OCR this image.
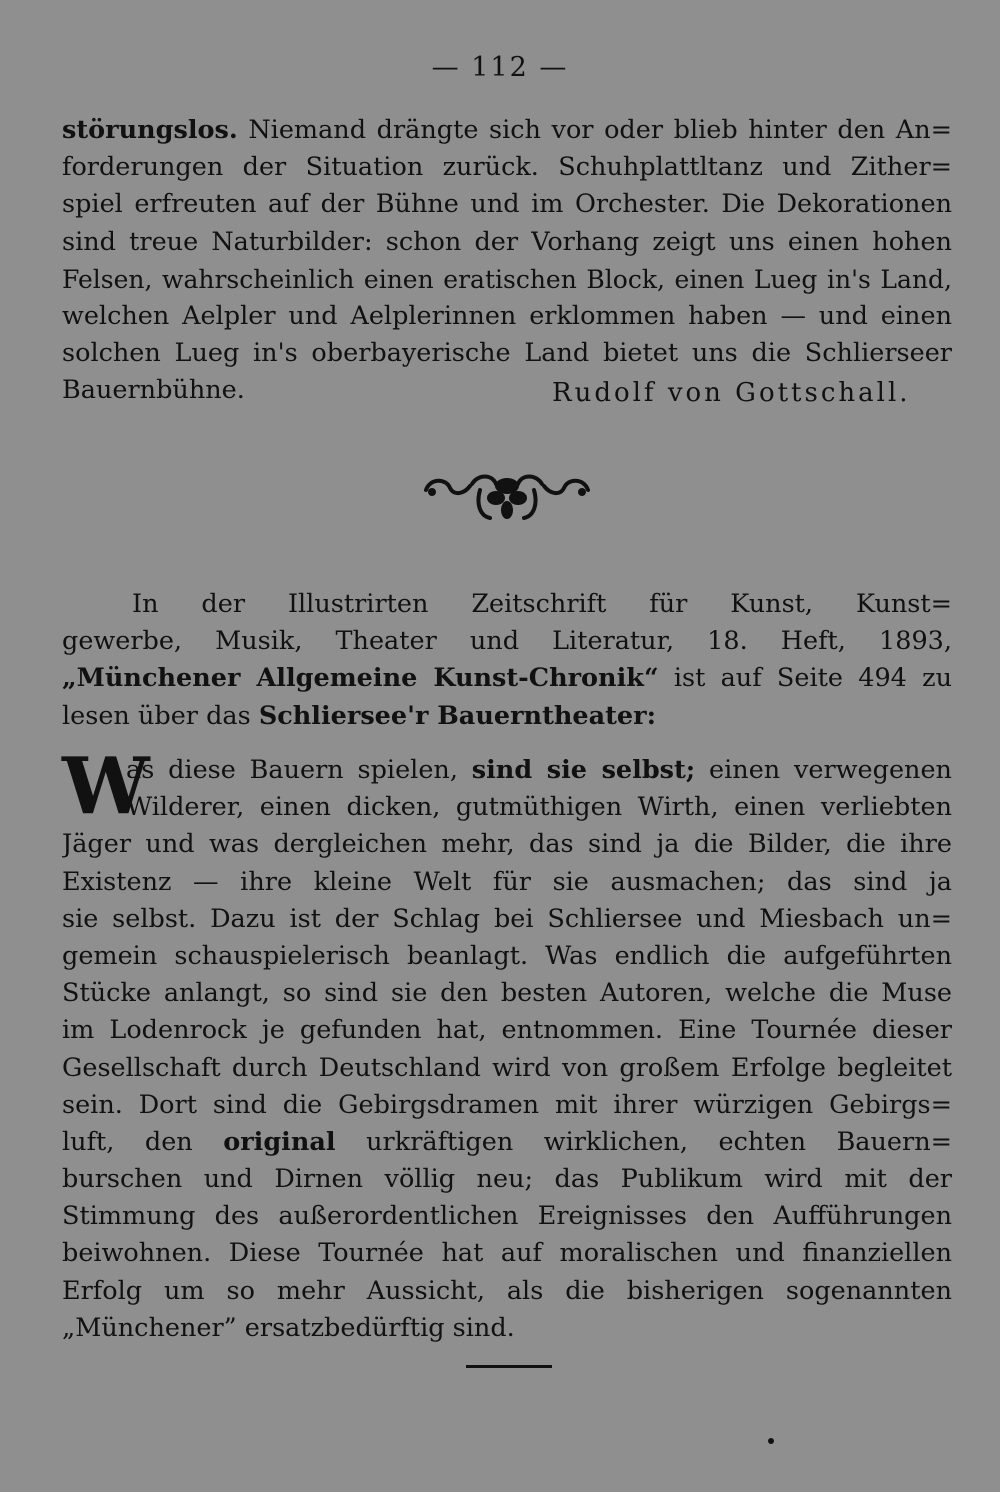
— 112 —
störungslos. Niemand drängte sich vor oder blieb hinter den An=
forderungen der Situation zurück. Schuhplattltanz und Zither=
spiel erfreuten auf der Bühne und im Orchester. Die Dekorationen
sind treue Naturbilder: schon der Vorhang zeigt uns einen hohen
Felsen, wahrscheinlich einen eratischen Block, einen Lueg in's Land,
welchen Aelpler und Aelplerinnen erklommen haben — und einen
solchen Lueg in's oberbayerische Land bietet uns die Schlierseer
Bauernbühne.	Rudolf von Gottschall.
In der Illustrirten Zeitschrift für Kunst, Kunst=
gewerbe, Musik, Theater und Literatur, 18. Heft, 1893,
„Münchener Allgemeine Kunst-Chronik“ ist auf Seite 494 zu
lesen über das Schliersee'r Bauerntheater:
W
as diese Bauern spielen, sind sie selbst; einen verwegenen
Wilderer, einen dicken, gutmüthigen Wirth, einen verliebten
Jäger und was dergleichen mehr, das sind ja die Bilder, die ihre
Existenz — ihre kleine Welt für sie ausmachen; das sind ja
sie selbst. Dazu ist der Schlag bei Schliersee und Miesbach un=
gemein schauspielerisch beanlagt. Was endlich die aufgeführten
Stücke anlangt, so sind sie den besten Autoren, welche die Muse
im Lodenrock je gefunden hat, entnommen. Eine Tournée dieser
Gesellschaft durch Deutschland wird von großem Erfolge begleitet
sein. Dort sind die Gebirgsdramen mit ihrer würzigen Gebirgs=
luft, den original urkräftigen wirklichen, echten Bauern=
burschen und Dirnen völlig neu; das Publikum wird mit der
Stimmung des außerordentlichen Ereignisses den Aufführungen
beiwohnen. Diese Tournée hat auf moralischen und finanziellen
Erfolg um so mehr Aussicht, als die bisherigen sogenannten
„Münchener” ersatzbedürftig sind.
